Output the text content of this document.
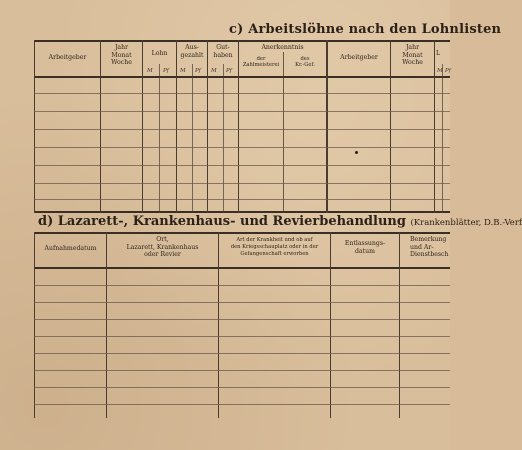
c) Arbeitslöhne nach den Lohnlisten
Arbeitgeber
Jahr
Monat
Woche
Lohn
Aus-
gezahlt
Gut-
haben
Anerkenntnis
der
Zahlmeisterei
des
Kr.-Gef.
Arbeitgeber
Jahr
Monat
Woche
L
M Pf M Pf M Pf	M Pf
d) Lazarett-, Krankenhaus- und Revierbehandlung (Krankenblätter, D.B.-Verf
Aufnahmedatum
Ort,
Lazarett, Krankenhaus
oder Revier
Art der Krankheit und ob auf
den Kriegsschauplatz oder in der
Gefangenschaft erworben
Entlassungs-
datum
Bemerkung
und Ar-
Dienstbesch
